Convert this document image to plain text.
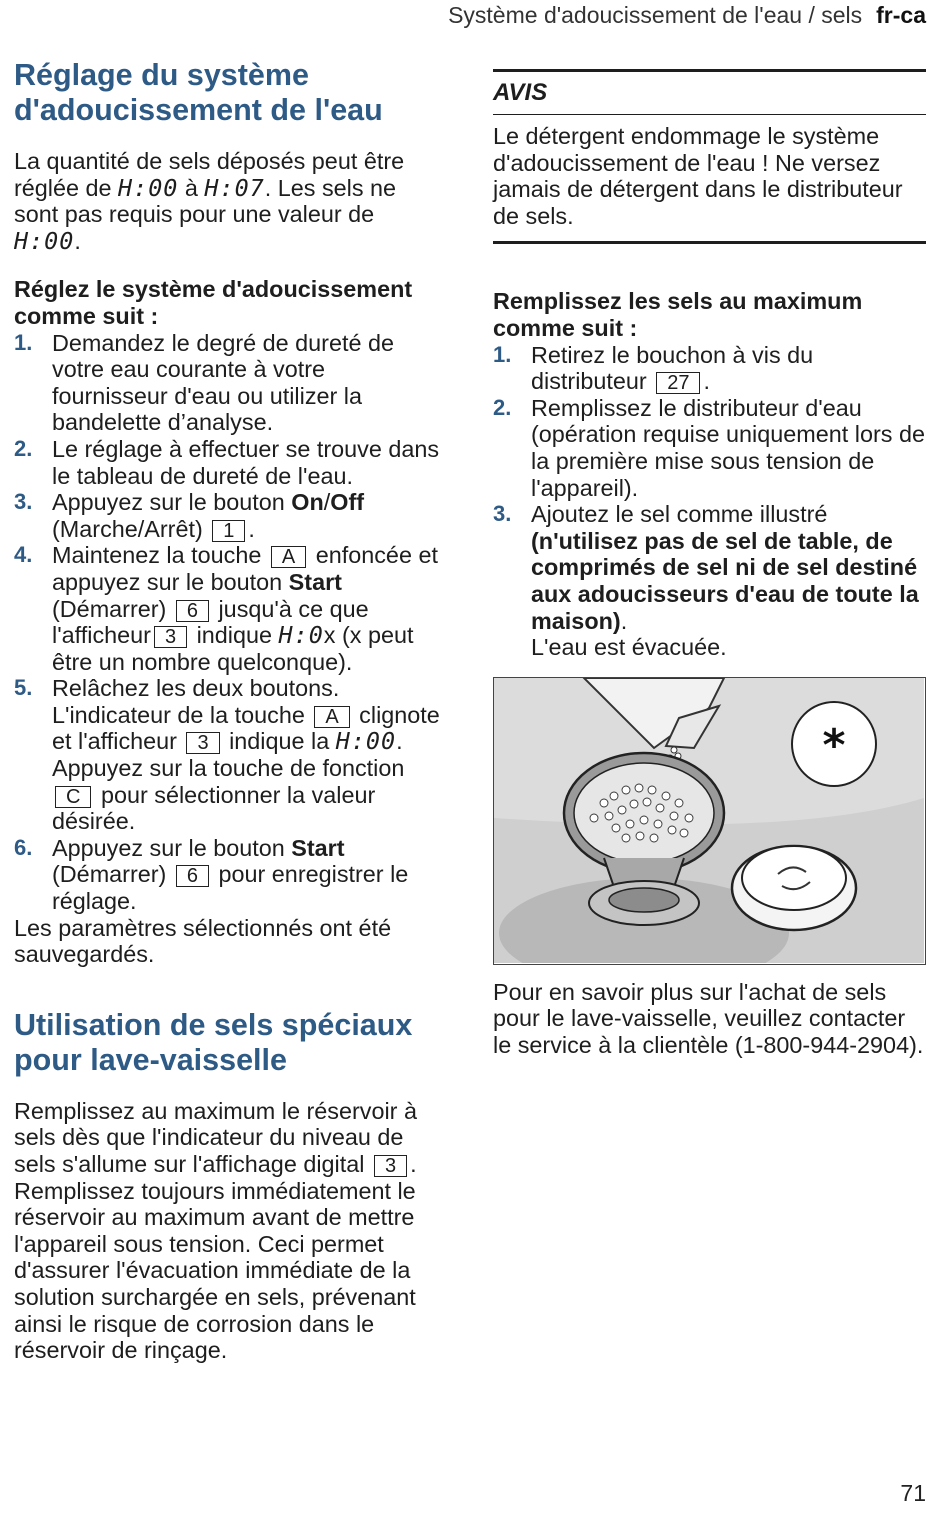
Système d'adoucissement de l'eau / sels fr-ca
Réglage du système d'adoucissement de l'eau

La quantité de sels déposés peut être réglée de H:00 à H:07. Les sels ne sont pas requis pour une valeur de H:00.

Réglez le système d'adoucissement comme suit :

1. Demandez le degré de dureté de votre eau courante à votre fournisseur d'eau ou utilizer la bandelette d’analyse.
2. Le réglage à effectuer se trouve dans le tableau de dureté de l'eau.
3. Appuyez sur le bouton On/Off (Marche/Arrêt) 1 .
4. Maintenez la touche A enfoncée et appuyez sur le bouton Start (Démarrer) 6 jusqu'à ce que l'afficheur 3 indique H:0x (x peut être un nombre quelconque).
5. Relâchez les deux boutons. L'indicateur de la touche A clignote et l'afficheur 3 indique la H:00. Appuyez sur la touche de fonction C pour sélectionner la valeur désirée.
6. Appuyez sur le bouton Start (Démarrer) 6 pour enregistrer le réglage.

Les paramètres sélectionnés ont été sauvegardés.

Utilisation de sels spéciaux pour lave-vaisselle

Remplissez au maximum le réservoir à sels dès que l'indicateur du niveau de sels s'allume sur l'affichage digital 3 . Remplissez toujours immédiatement le réservoir au maximum avant de mettre l'appareil sous tension. Ceci permet d'assurer l'évacuation immédiate de la solution surchargée en sels, prévenant ainsi le risque de corrosion dans le réservoir de rinçage.

AVIS

Le détergent endommage le système d'adoucissement de l'eau ! Ne versez jamais de détergent dans le distributeur de sels.

Remplissez les sels au maximum comme suit :

1. Retirez le bouchon à vis du distributeur 27 .
2. Remplissez le distributeur d'eau (opération requise uniquement lors de la première mise sous tension de l'appareil).
3. Ajoutez le sel comme illustré (n'utilisez pas de sel de table, de comprimés de sel ni de sel destiné aux adoucisseurs d'eau de toute la maison).
L'eau est évacuée.
*

Pour en savoir plus sur l'achat de sels pour le lave-vaisselle, veuillez contacter le service à la clientèle (1-800-944-2904).

71
